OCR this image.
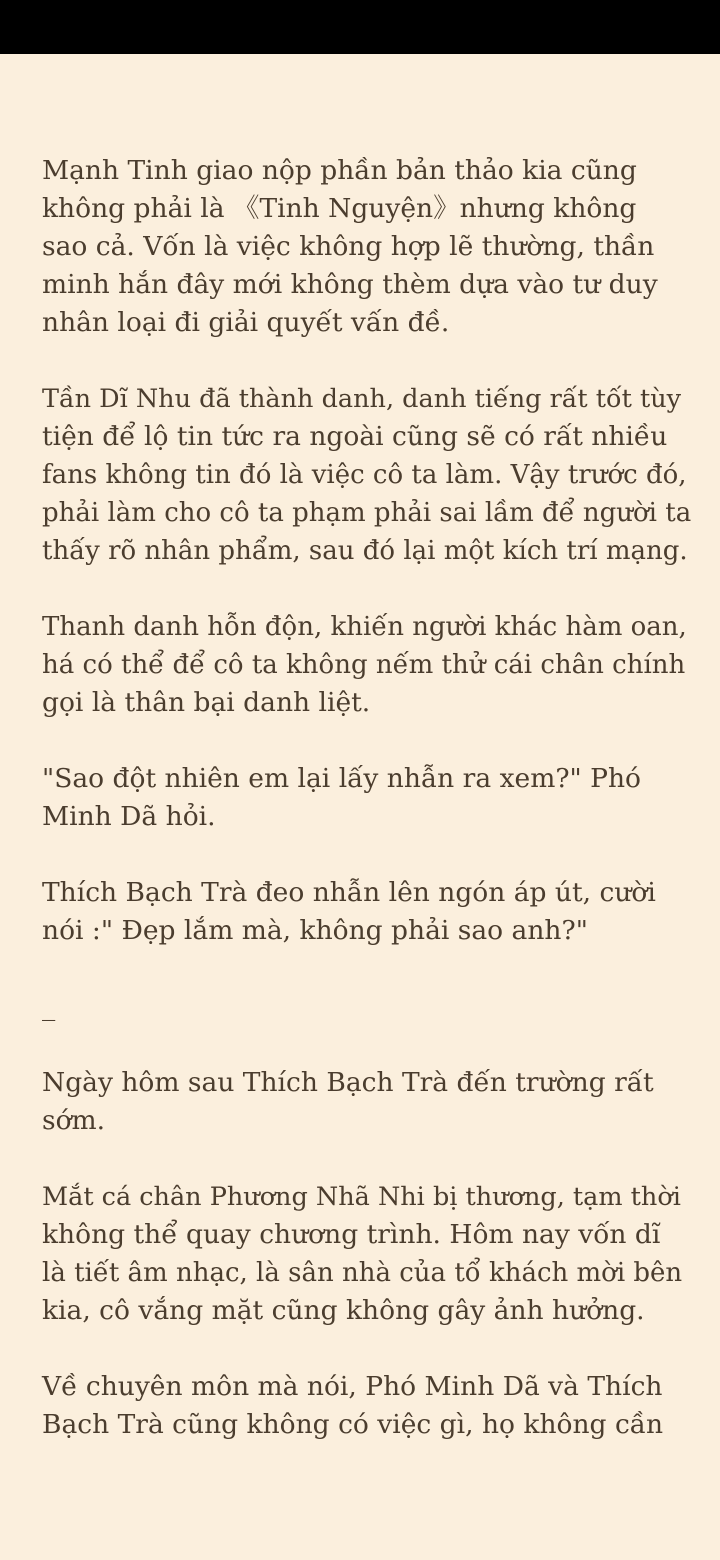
Mạnh Tinh giao nộp phần bản thảo kia cũng
không phải là 《Tinh Nguyện》nhưng không
sao cả. Vốn là việc không hợp lẽ thường, thần
minh hắn đây mới không thèm dựa vào tư duy
nhân loại đi giải quyết vấn đề.

Tần Dĩ Nhu đã thành danh, danh tiếng rất tốt tùy
tiện để lộ tin tức ra ngoài cũng sẽ có rất nhiều
fans không tin đó là việc cô ta làm. Vậy trước đó,
phải làm cho cô ta phạm phải sai lầm để người ta
thấy rõ nhân phẩm, sau đó lại một kích trí mạng.

Thanh danh hỗn độn, khiến người khác hàm oan,
há có thể để cô ta không nếm thử cái chân chính
gọi là thân bại danh liệt.

"Sao đột nhiên em lại lấy nhẫn ra xem?" Phó
Minh Dã hỏi.

Thích Bạch Trà đeo nhẫn lên ngón áp út, cười
nói :" Đẹp lắm mà, không phải sao anh?"

_

Ngày hôm sau Thích Bạch Trà đến trường rất
sớm.

Mắt cá chân Phương Nhã Nhi bị thương, tạm thời
không thể quay chương trình. Hôm nay vốn dĩ
là tiết âm nhạc, là sân nhà của tổ khách mời bên
kia, cô vắng mặt cũng không gây ảnh hưởng.

Về chuyên môn mà nói, Phó Minh Dã và Thích
Bạch Trà cũng không có việc gì, họ không cần
